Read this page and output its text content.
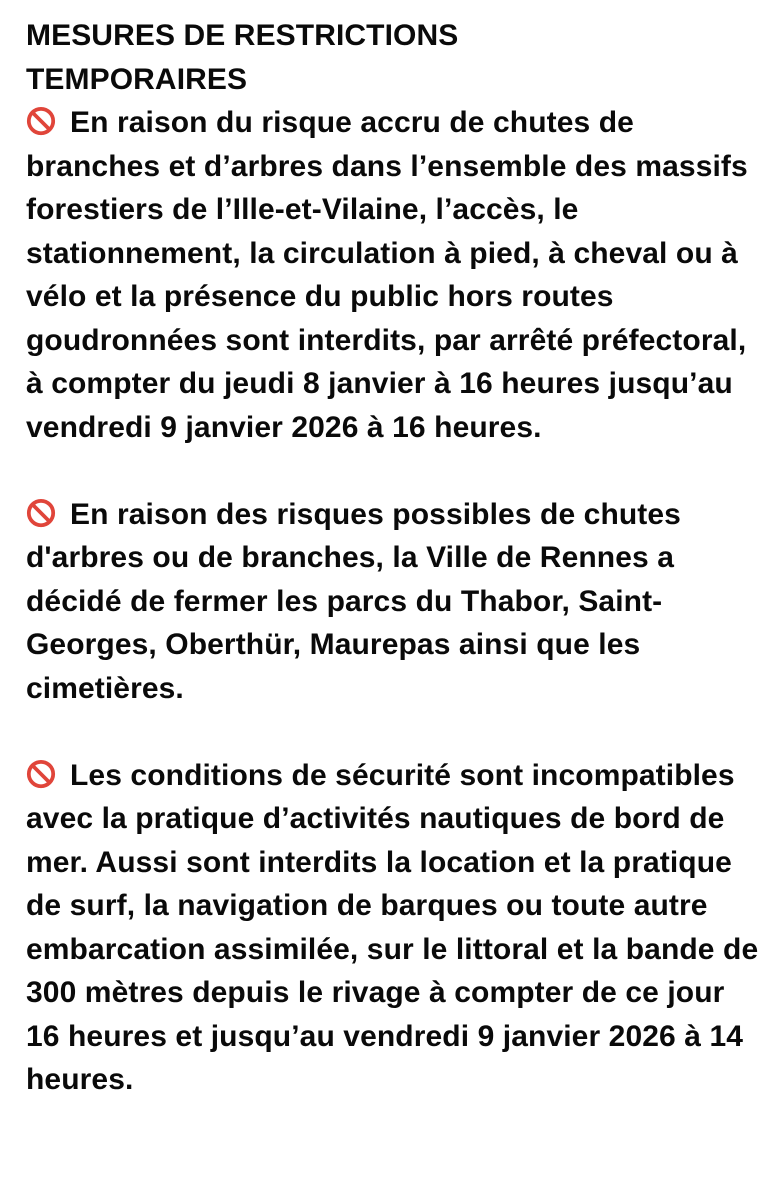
MESURES DE RESTRICTIONS
TEMPORAIRES

En raison du risque accru de chutes de branches et d’arbres dans l’ensemble des massifs forestiers de l’Ille-et-Vilaine, l’accès, le stationnement, la circulation à pied, à cheval ou à vélo et la présence du public hors routes goudronnées sont interdits, par arrêté préfectoral, à compter du jeudi 8 janvier à 16 heures jusqu’au vendredi 9 janvier 2026 à 16 heures.

En raison des risques possibles de chutes d'arbres ou de branches, la Ville de Rennes a décidé de fermer les parcs du Thabor, Saint-Georges, Oberthür, Maurepas ainsi que les cimetières.

Les conditions de sécurité sont incompatibles avec la pratique d’activités nautiques de bord de mer. Aussi sont interdits la location et la pratique de surf, la navigation de barques ou toute autre embarcation assimilée, sur le littoral et la bande de 300 mètres depuis le rivage à compter de ce jour 16 heures et jusqu’au vendredi 9 janvier 2026 à 14 heures.
